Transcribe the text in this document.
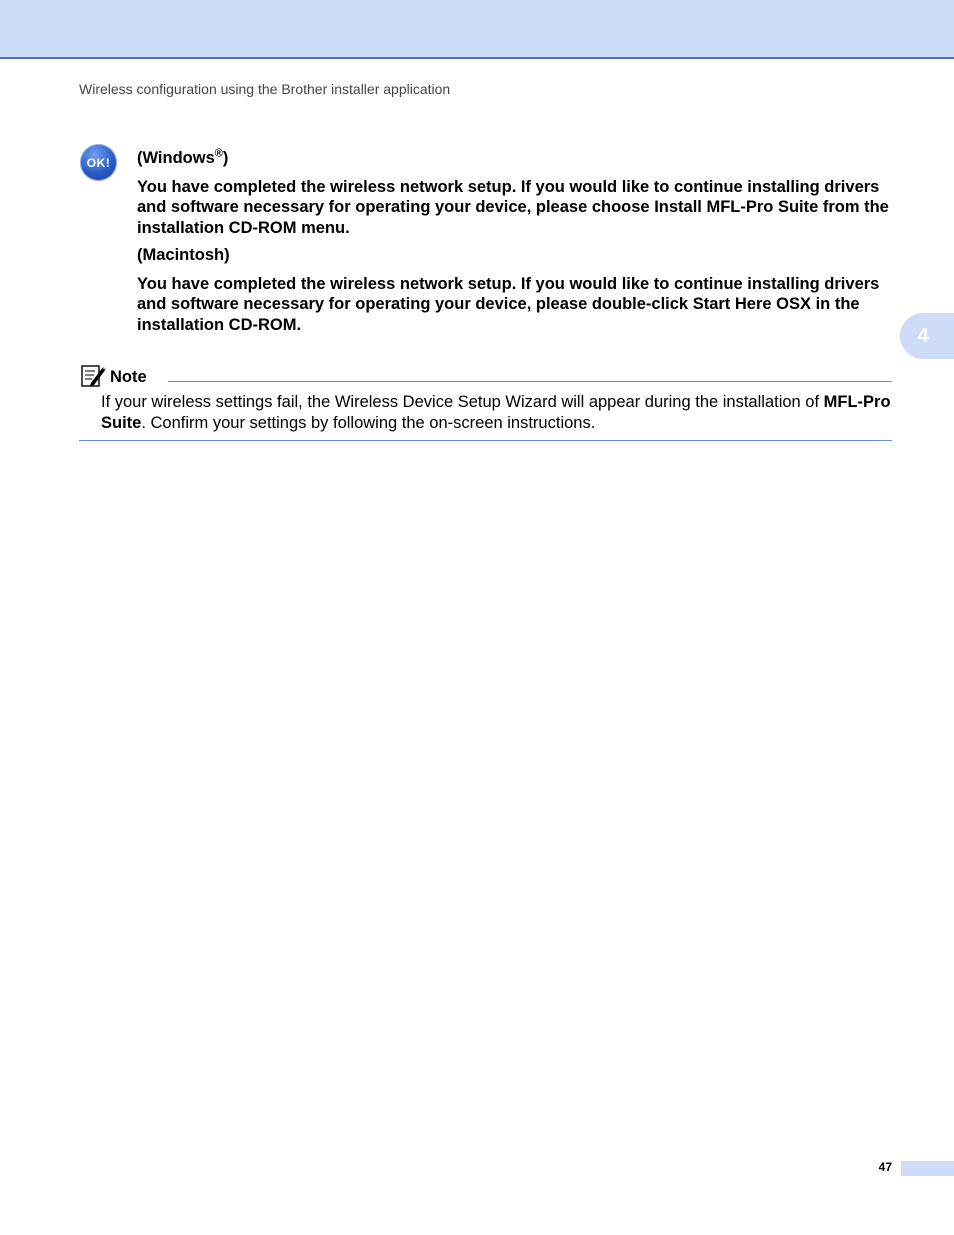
Wireless configuration using the Brother installer application
OK! (Windows®)

You have completed the wireless network setup. If you would like to continue installing drivers and software necessary for operating your device, please choose Install MFL-Pro Suite from the installation CD-ROM menu.

(Macintosh)

You have completed the wireless network setup. If you would like to continue installing drivers and software necessary for operating your device, please double-click Start Here OSX in the installation CD-ROM.	4
Note

If your wireless settings fail, the Wireless Device Setup Wizard will appear during the installation of MFL-Pro Suite. Confirm your settings by following the on-screen instructions.

47
